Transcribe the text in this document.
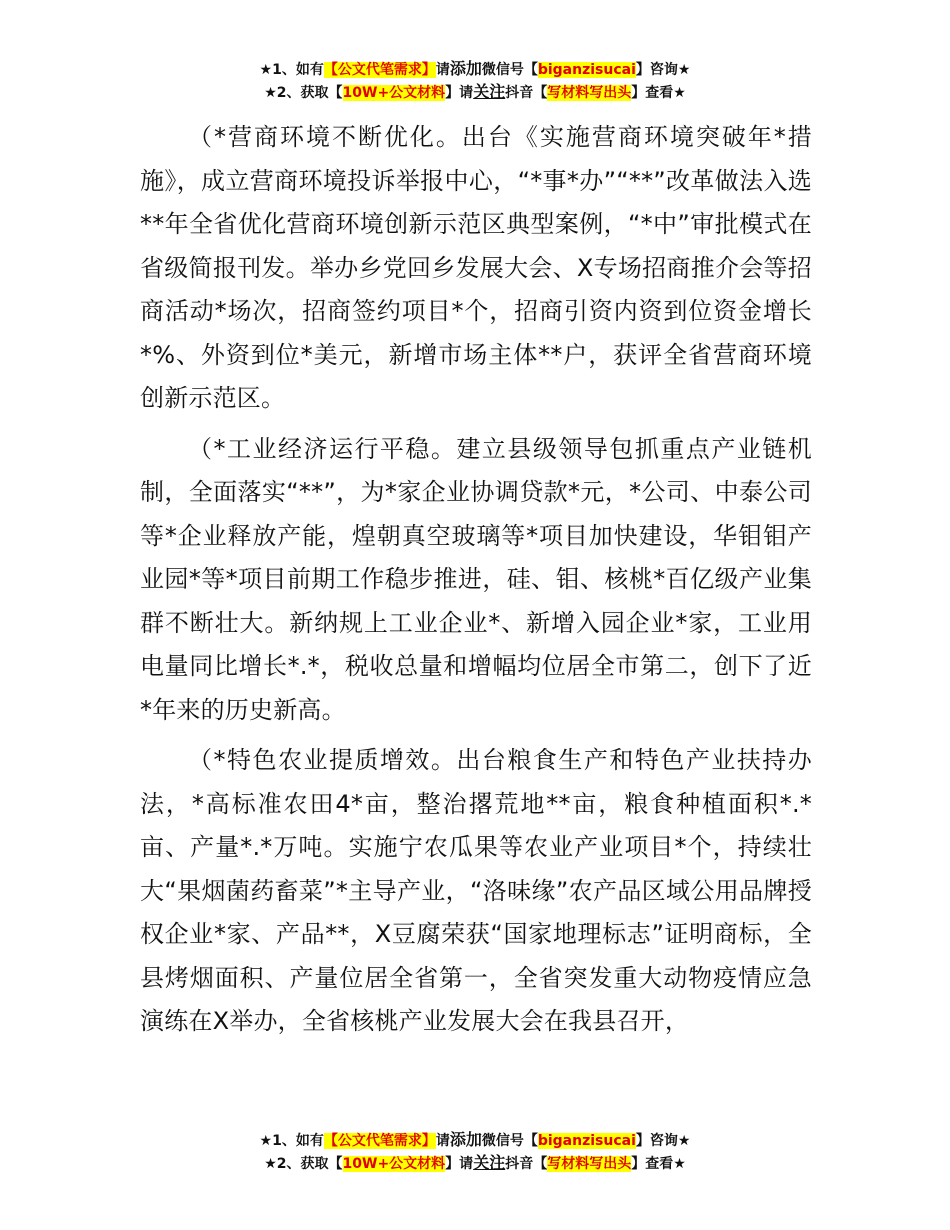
★1、如有【公文代笔需求】请添加微信号【biganzisucai】咨询★
★2、获取【10W+公文材料】请关注抖音【写材料写出头】查看★

（*营商环境不断优化。出台《实施营商环境突破年*措施》，成立营商环境投诉举报中心，“*事*办”“**”改革做法入选**年全省优化营商环境创新示范区典型案例，“*中”审批模式在省级简报刊发。举办乡党回乡发展大会、X专场招商推介会等招商活动*场次，招商签约项目*个，招商引资内资到位资金增长*%、外资到位*美元，新增市场主体**户，获评全省营商环境创新示范区。

（*工业经济运行平稳。建立县级领导包抓重点产业链机制，全面落实“**”，为*家企业协调贷款*元，*公司、中泰公司等*企业释放产能，煌朝真空玻璃等*项目加快建设，华钼钼产业园*等*项目前期工作稳步推进，硅、钼、核桃*百亿级产业集群不断壮大。新纳规上工业企业*、新增入园企业*家，工业用电量同比增长*.*，税收总量和增幅均位居全市第二，创下了近*年来的历史新高。

（*特色农业提质增效。出台粮食生产和特色产业扶持办法，*高标准农田4*亩，整治撂荒地**亩，粮食种植面积*.*亩、产量*.*万吨。实施宁农瓜果等农业产业项目*个，持续壮大“果烟菌药畜菜”*主导产业，“洛味缘”农产品区域公用品牌授权企业*家、产品**，X豆腐荣获“国家地理标志”证明商标，全县烤烟面积、产量位居全省第一，全省突发重大动物疫情应急演练在X举办，全省核桃产业发展大会在我县召开，

★1、如有【公文代笔需求】请添加微信号【biganzisucai】咨询★
★2、获取【10W+公文材料】请关注抖音【写材料写出头】查看★
